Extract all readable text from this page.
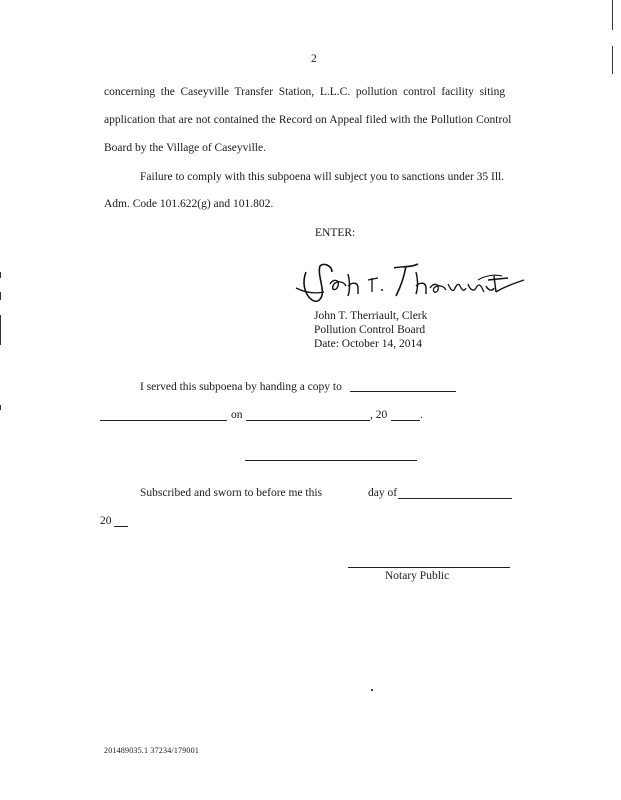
2
concerning the Caseyville Transfer Station, L.L.C. pollution control facility siting
application that are not contained the Record on Appeal filed with the Pollution Control
Board by the Village of Caseyville.
Failure to comply with this subpoena will subject you to sanctions under 35 Ill.
Adm. Code 101.622(g) and 101.802.
ENTER:
John T. Therriault, Clerk
Pollution Control Board
Date: October 14, 2014
I served this subpoena by handing a copy to
on	, 20	.
Subscribed and sworn to before me this	day of
20
Notary Public
201489035.1 37234/179001
